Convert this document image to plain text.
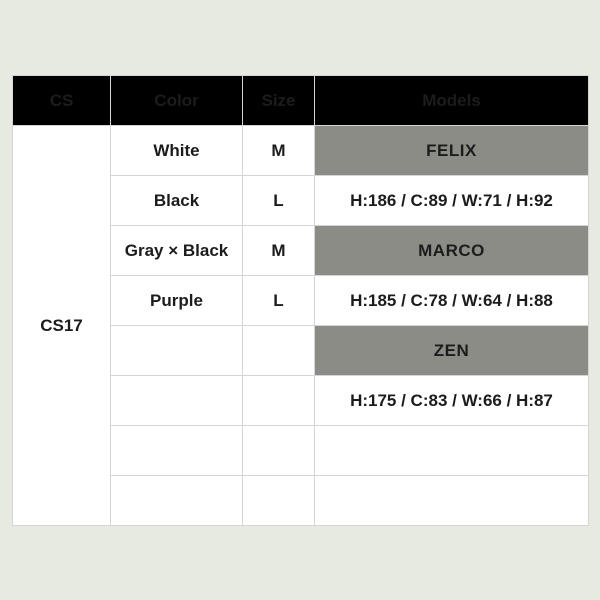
CS	Color	Size	Models
CS17	White	M	FELIX
	Black	L	H:186 / C:89 / W:71 / H:92
	Gray × Black	M	MARCO
	Purple	L	H:185 / C:78 / W:64 / H:88
			ZEN
			H:175 / C:83 / W:66 / H:87
